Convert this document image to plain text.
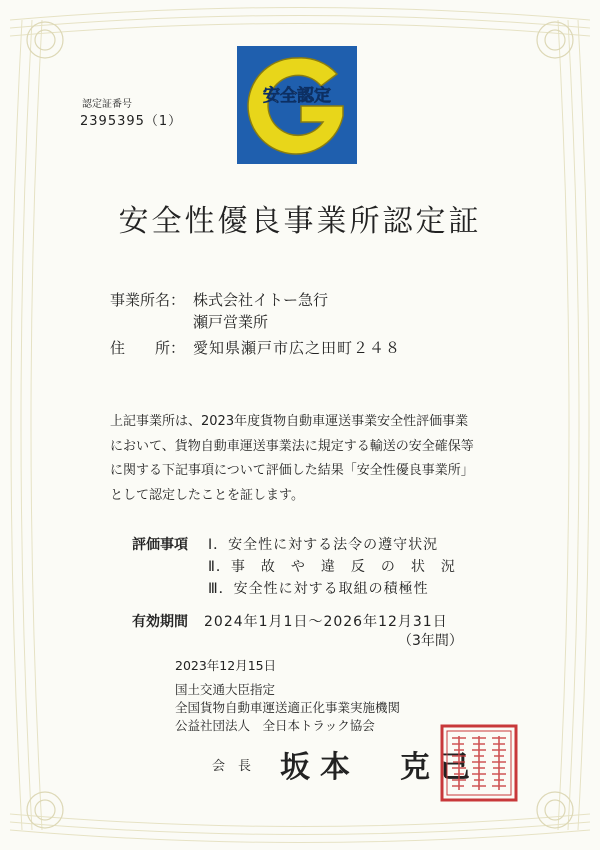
安全認定
認定証番号
2395395（1）
安全性優良事業所認定証
事業所名： 株式会社イトー急行
瀬戸営業所
住　　所： 愛知県瀬戸市広之田町２４８
上記事業所は、2023年度貨物自動車運送事業安全性評価事業
において、貨物自動車運送事業法に規定する輸送の安全確保等
に関する下記事項について評価した結果「安全性優良事業所」
として認定したことを証します。
評価事項 Ⅰ．安全性に対する法令の遵守状況
Ⅱ．事　故　や　違　反　の　状　況
Ⅲ．安全性に対する取組の積極性
有効期間 2024年1月1日～2026年12月31日
（3年間）
2023年12月15日
国土交通大臣指定
全国貨物自動車運送適正化事業実施機関
公益社団法人　全日本トラック協会
会　長 坂本　克己
